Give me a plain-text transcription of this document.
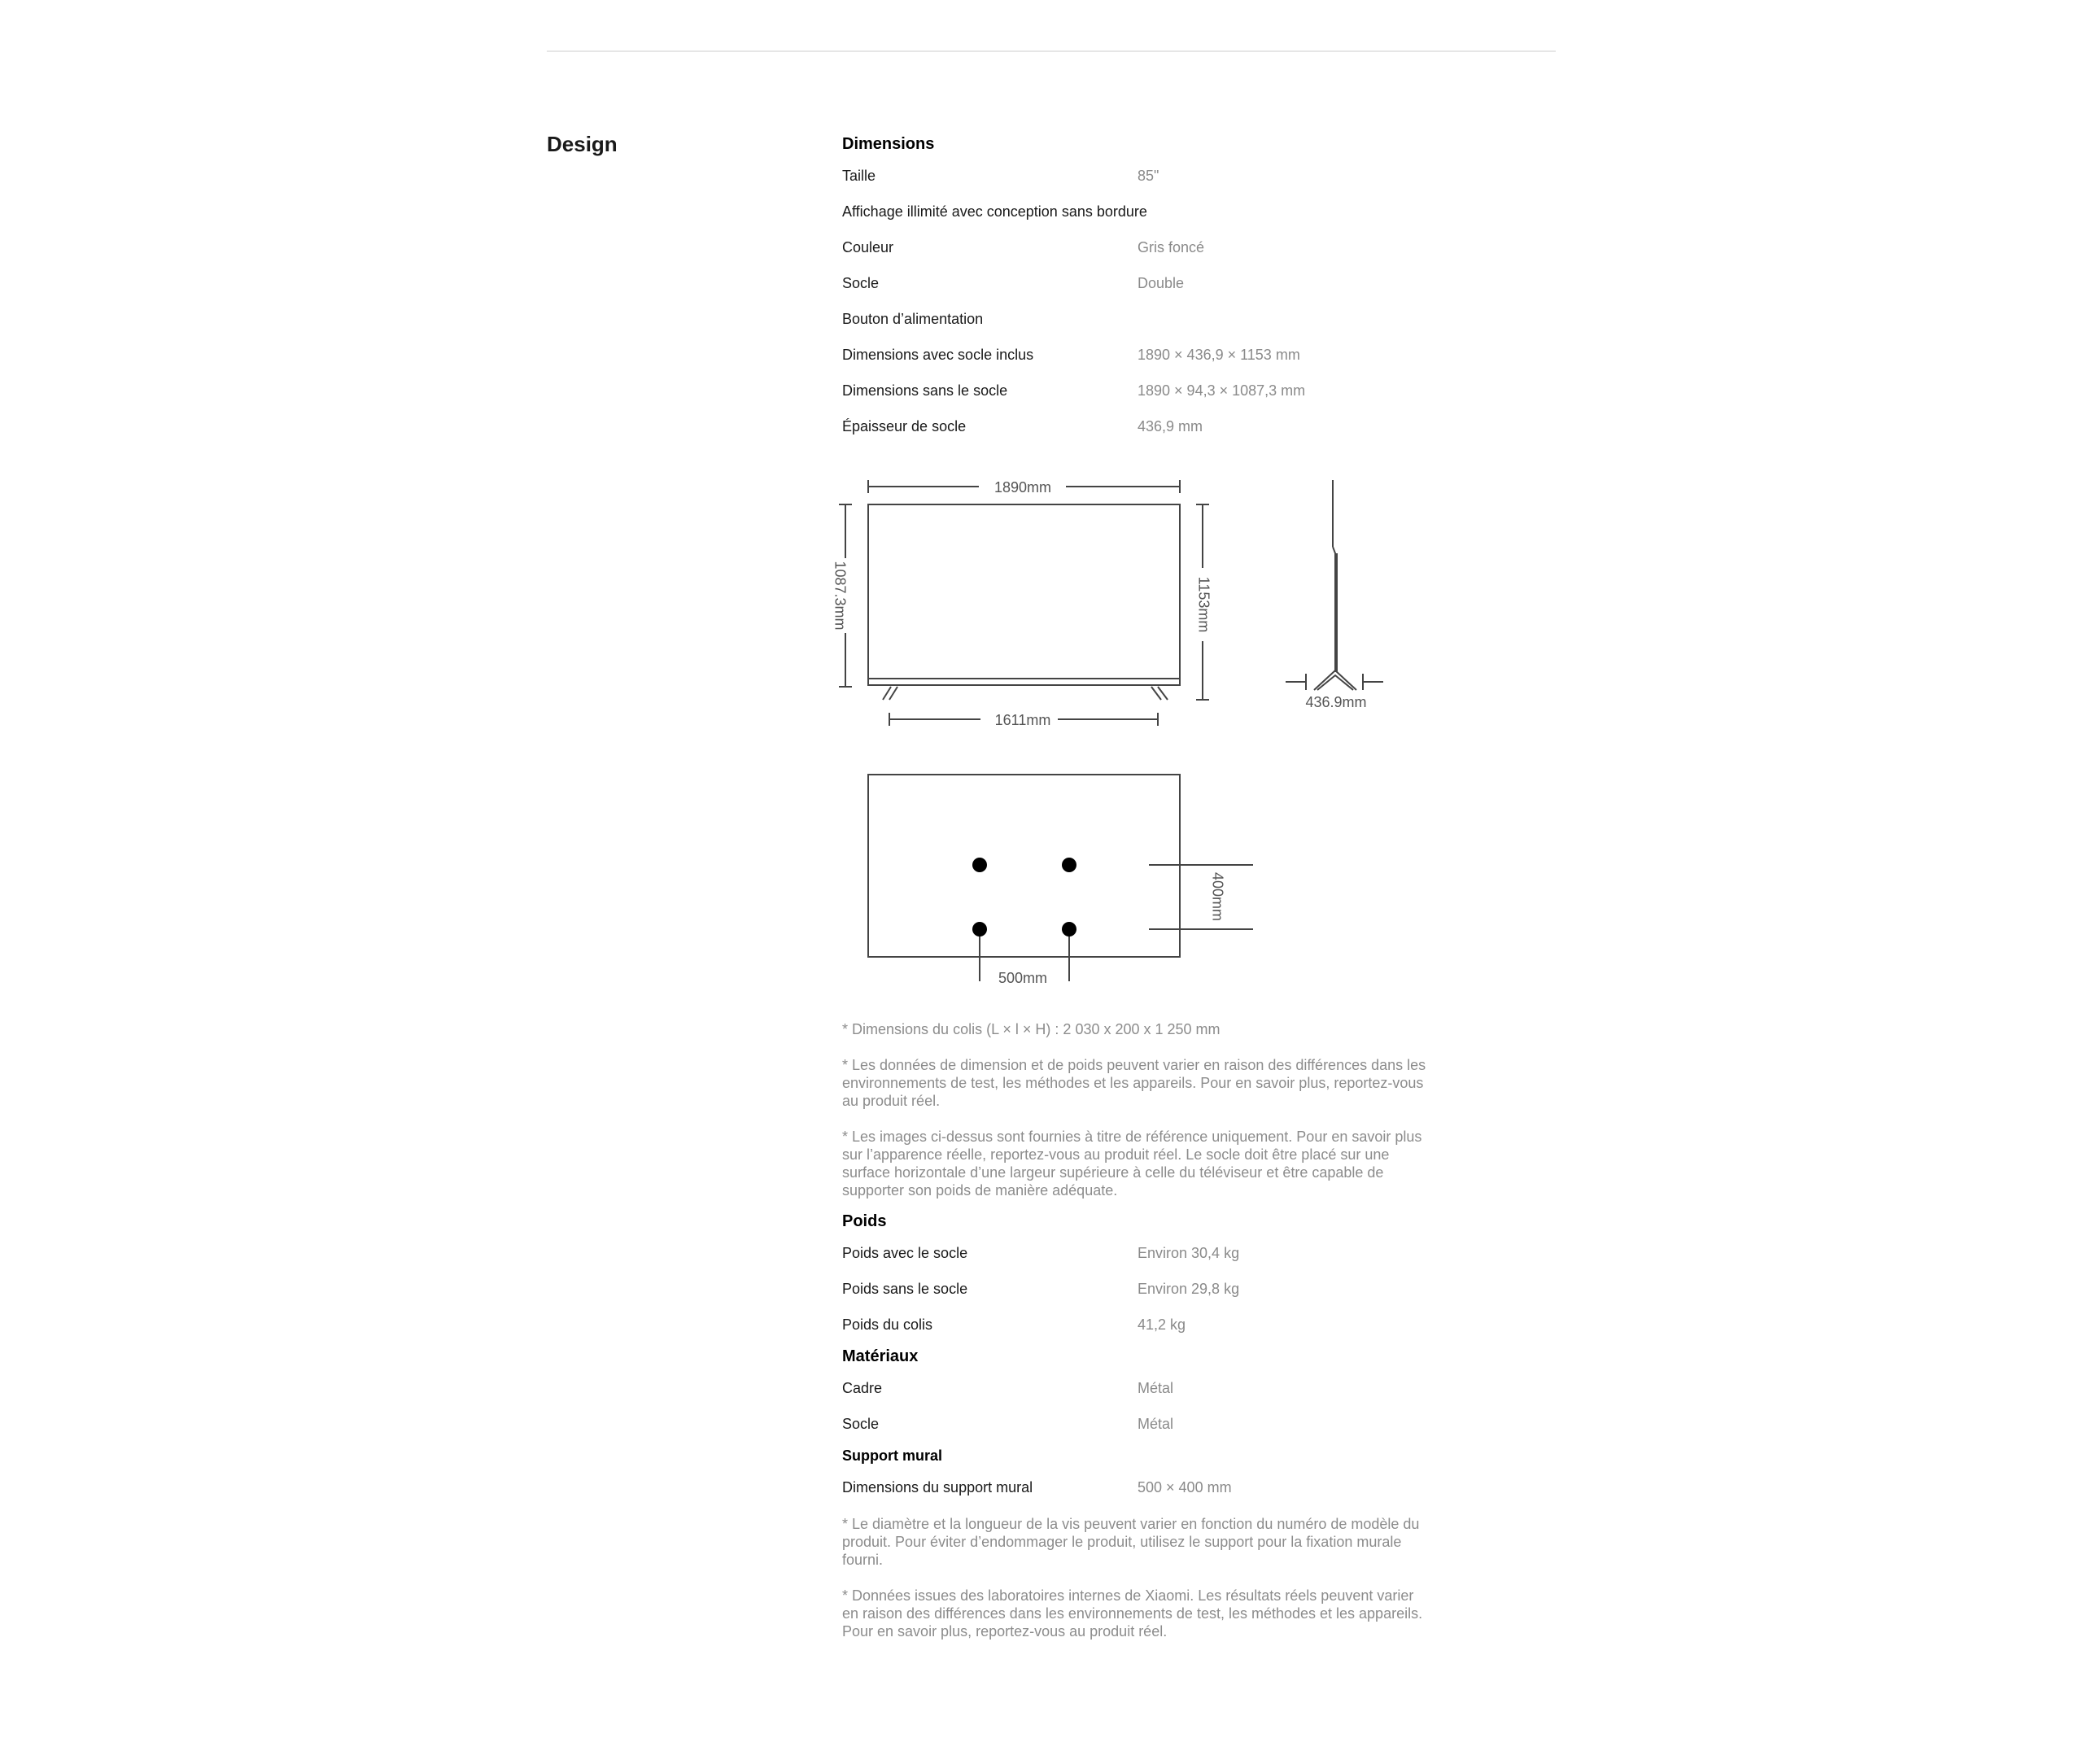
Design	Dimensions
Taille	85"
Affichage illimité avec conception sans bordure
Couleur	Gris foncé
Socle	Double
Bouton d’alimentation
Dimensions avec socle inclus	1890 × 436,9 × 1153 mm
Dimensions sans le socle	1890 × 94,3 × 1087,3 mm
Épaisseur de socle	436,9 mm
1890mm
1087.3mm	1153mm
1611mm
436.9mm
400mm
500mm

* Dimensions du colis (L × l × H) : 2 030 x 200 x 1 250 mm

* Les données de dimension et de poids peuvent varier en raison des différences dans les environnements de test, les méthodes et les appareils. Pour en savoir plus, reportez-vous au produit réel.

* Les images ci-dessus sont fournies à titre de référence uniquement. Pour en savoir plus sur l’apparence réelle, reportez-vous au produit réel. Le socle doit être placé sur une surface horizontale d’une largeur supérieure à celle du téléviseur et être capable de supporter son poids de manière adéquate.

Poids
Poids avec le socle	Environ 30,4 kg
Poids sans le socle	Environ 29,8 kg
Poids du colis	41,2 kg
Matériaux
Cadre	Métal
Socle	Métal
Support mural
Dimensions du support mural	500 × 400 mm

* Le diamètre et la longueur de la vis peuvent varier en fonction du numéro de modèle du produit. Pour éviter d’endommager le produit, utilisez le support pour la fixation murale fourni.

* Données issues des laboratoires internes de Xiaomi. Les résultats réels peuvent varier en raison des différences dans les environnements de test, les méthodes et les appareils. Pour en savoir plus, reportez-vous au produit réel.
